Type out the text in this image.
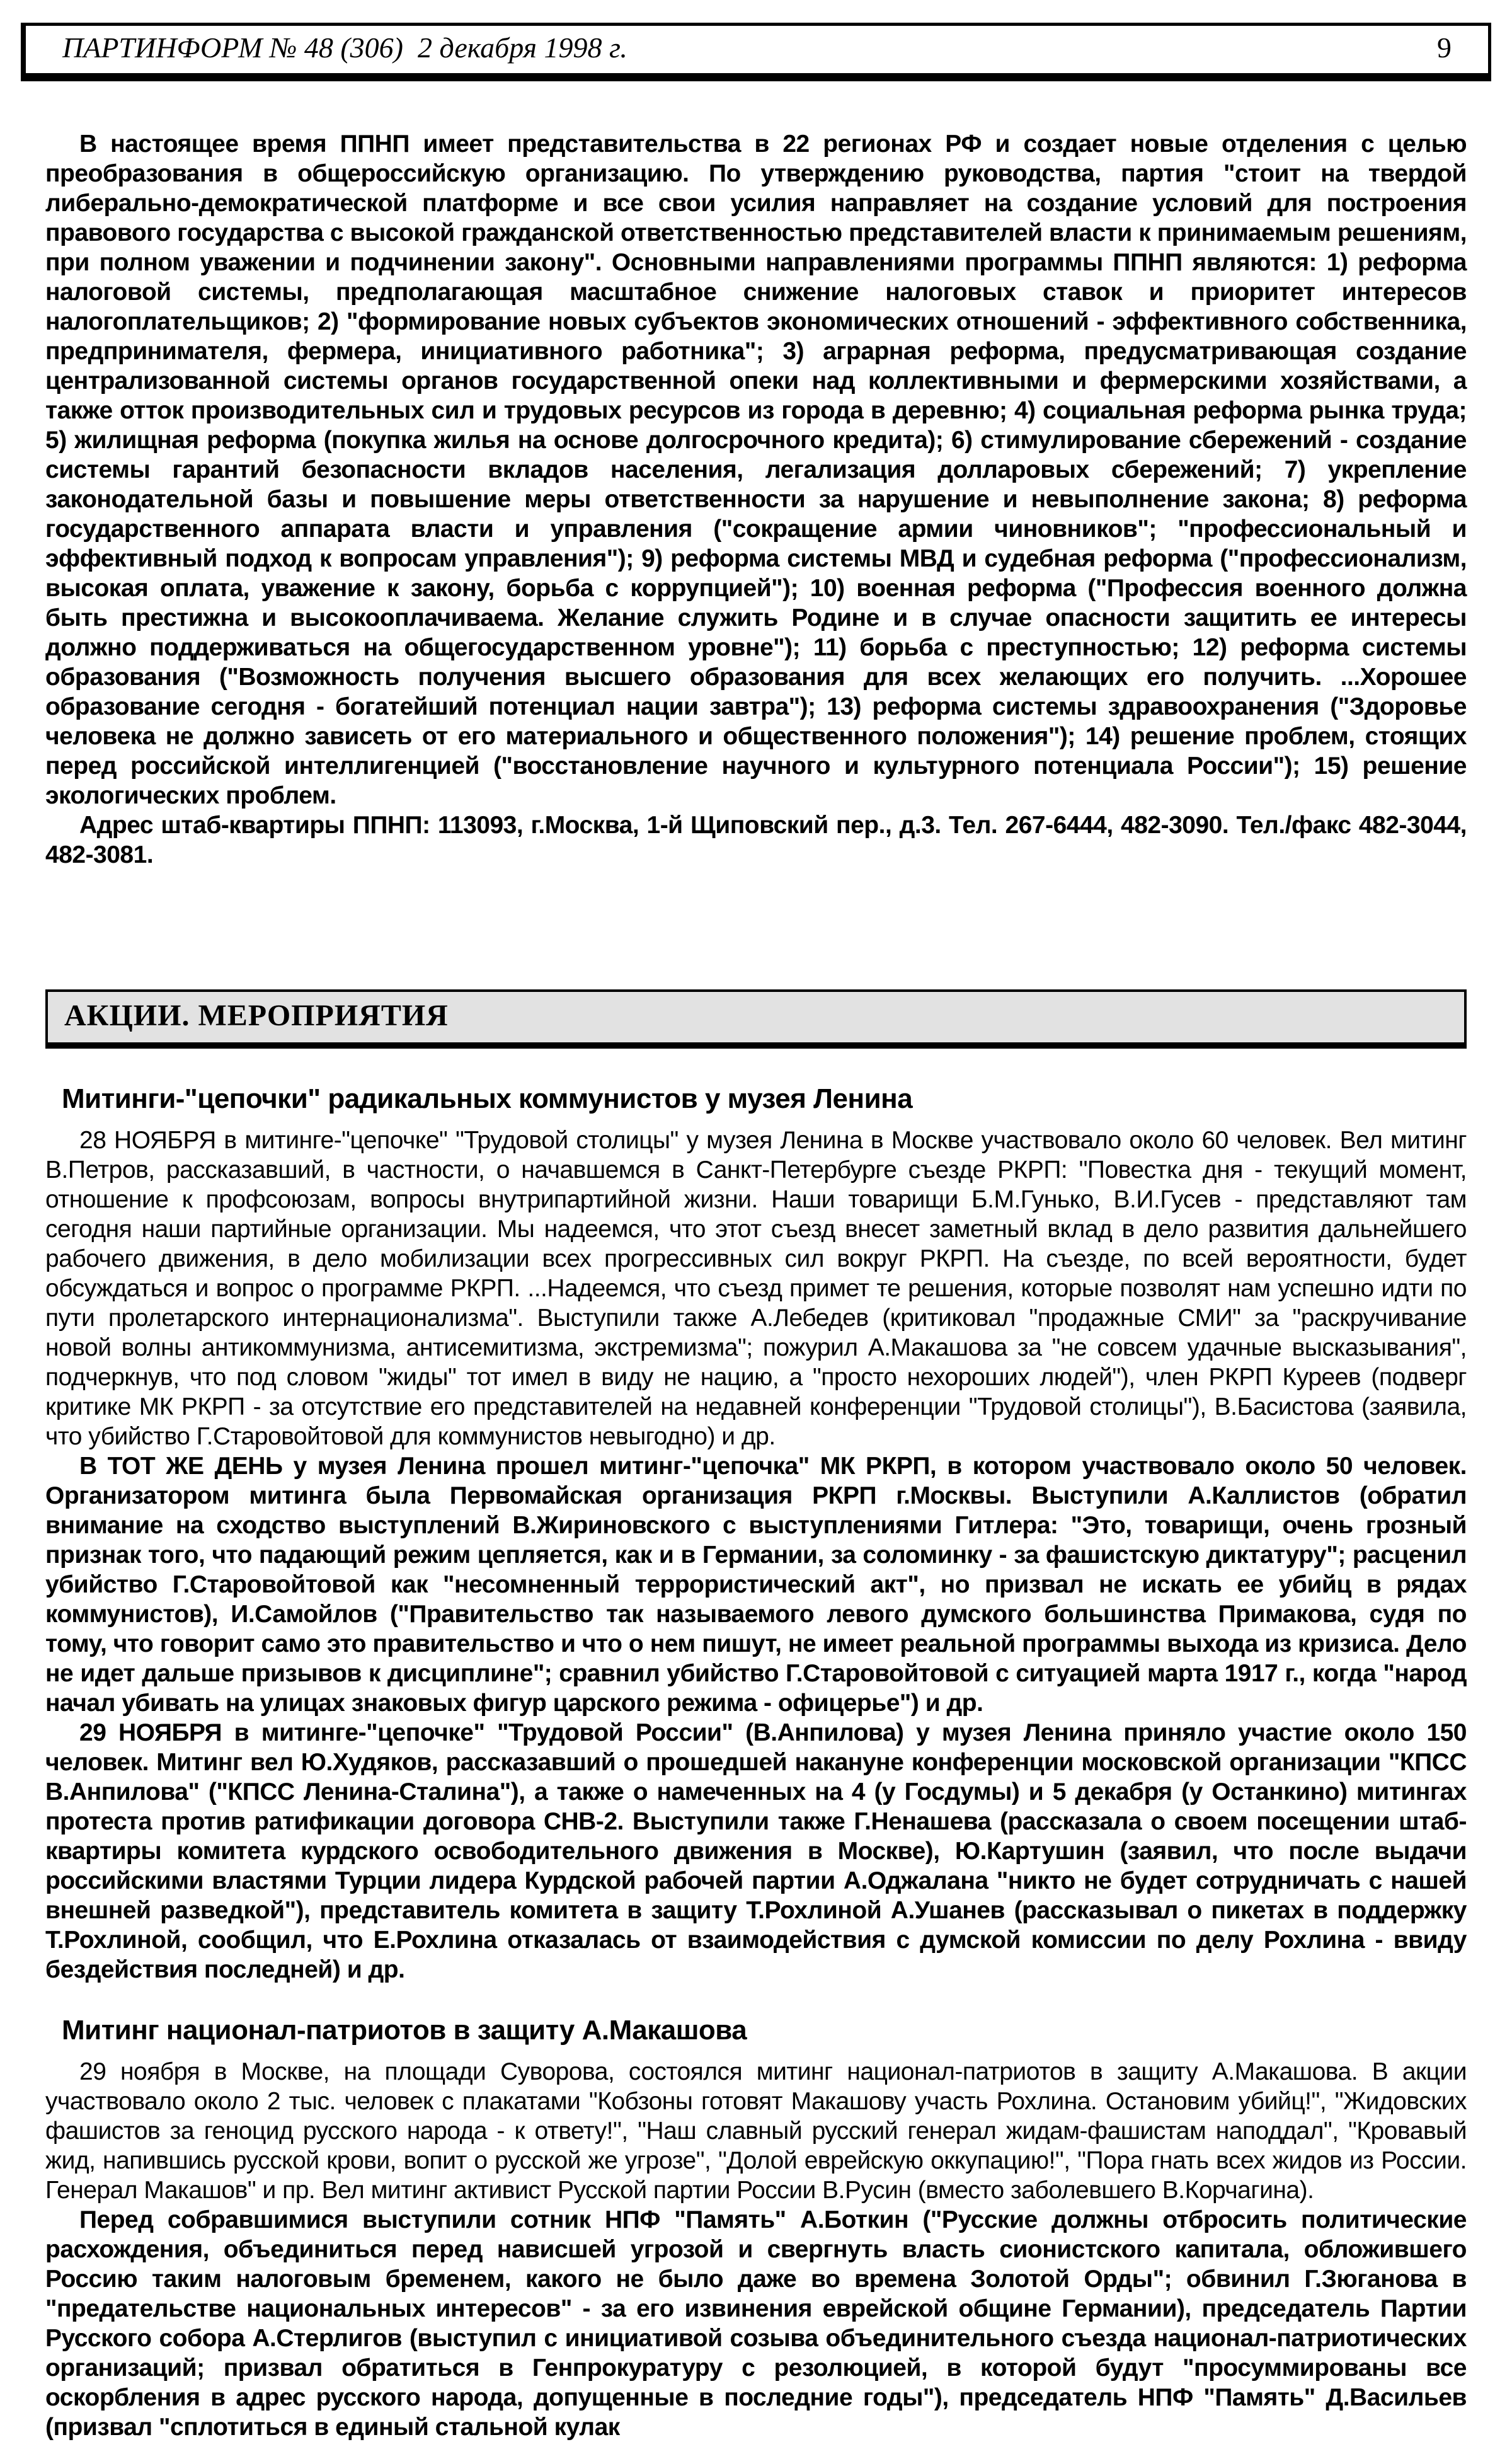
ПАРТИНФОРМ № 48 (306)  2 декабря 1998 г.	9

В настоящее время ППНП имеет представительства в 22 регионах РФ и создает новые отделения с целью преобразования в общероссийскую организацию. По утверждению руководства, партия "стоит на твердой либерально-демократической платформе и все свои усилия направляет на создание условий для построения правового государства с высокой гражданской ответственностью представителей власти к принимаемым решениям, при полном уважении и подчинении закону". Основными направлениями программы ППНП являются: 1) реформа налоговой системы, предполагающая масштабное снижение налоговых ставок и приоритет интересов налогоплательщиков; 2) "формирование новых субъектов экономических отношений - эффективного собственника, предпринимателя, фермера, инициативного работника"; 3) аграрная реформа, предусматривающая создание централизованной системы органов государственной опеки над коллективными и фермерскими хозяйствами, а также отток производительных сил и трудовых ресурсов из города в деревню; 4) социальная реформа рынка труда; 5) жилищная реформа (покупка жилья на основе долгосрочного кредита); 6) стимулирование сбережений - создание системы гарантий безопасности вкладов населения, легализация долларовых сбережений; 7) укрепление законодательной базы и повышение меры ответственности за нарушение и невыполнение закона; 8) реформа государственного аппарата власти и управления ("сокращение армии чиновников"; "профессиональный и эффективный подход к вопросам управления"); 9) реформа системы МВД и судебная реформа ("профессионализм, высокая оплата, уважение к закону, борьба с коррупцией"); 10) военная реформа ("Профессия военного должна быть престижна и высокооплачиваема. Желание служить Родине и в случае опасности защитить ее интересы должно поддерживаться на общегосударственном уровне"); 11) борьба с преступностью; 12) реформа системы образования ("Возможность получения высшего образования для всех желающих его получить. ...Хорошее образование сегодня - богатейший потенциал нации завтра"); 13) реформа системы здравоохранения ("Здоровье человека не должно зависеть от его материального и общественного положения"); 14) решение проблем, стоящих перед российской интеллигенцией ("восстановление научного и культурного потенциала России"); 15) решение экологических проблем.

Адрес штаб-квартиры ППНП: 113093, г.Москва, 1-й Щиповский пер., д.3. Тел. 267-6444, 482-3090. Тел./факс 482-3044, 482-3081.

АКЦИИ. МЕРОПРИЯТИЯ
Митинги-"цепочки" радикальных коммунистов у музея Ленина

28 НОЯБРЯ в митинге-"цепочке" "Трудовой столицы" у музея Ленина в Москве участвовало около 60 человек. Вел митинг В.Петров, рассказавший, в частности, о начавшемся в Санкт-Петербурге съезде РКРП: "Повестка дня - текущий момент, отношение к профсоюзам, вопросы внутрипартийной жизни. Наши товарищи Б.М.Гунько, В.И.Гусев - представляют там сегодня наши партийные организации. Мы надеемся, что этот съезд внесет заметный вклад в дело развития дальнейшего рабочего движения, в дело мобилизации всех прогрессивных сил вокруг РКРП. На съезде, по всей вероятности, будет обсуждаться и вопрос о программе РКРП. ...Надеемся, что съезд примет те решения, которые позволят нам успешно идти по пути пролетарского интернационализма". Выступили также А.Лебедев (критиковал "продажные СМИ" за "раскручивание новой волны антикоммунизма, антисемитизма, экстремизма"; пожурил А.Макашова за "не совсем удачные высказывания", подчеркнув, что под словом "жиды" тот имел в виду не нацию, а "просто нехороших людей"), член РКРП Куреев (подверг критике МК РКРП - за отсутствие его представителей на недавней конференции "Трудовой столицы"), В.Басистова (заявила, что убийство Г.Старовойтовой для коммунистов невыгодно) и др.

В ТОТ ЖЕ ДЕНЬ у музея Ленина прошел митинг-"цепочка" МК РКРП, в котором участвовало около 50 человек. Организатором митинга была Первомайская организация РКРП г.Москвы. Выступили А.Каллистов (обратил внимание на сходство выступлений В.Жириновского с выступлениями Гитлера: "Это, товарищи, очень грозный признак того, что падающий режим цепляется, как и в Германии, за соломинку - за фашистскую диктатуру"; расценил убийство Г.Старовойтовой как "несомненный террористический акт", но призвал не искать ее убийц в рядах коммунистов), И.Самойлов ("Правительство так называемого левого думского большинства Примакова, судя по тому, что говорит само это правительство и что о нем пишут, не имеет реальной программы выхода из кризиса. Дело не идет дальше призывов к дисциплине"; сравнил убийство Г.Старовойтовой с ситуацией марта 1917 г., когда "народ начал убивать на улицах знаковых фигур царского режима - офицерье") и др.

29 НОЯБРЯ в митинге-"цепочке" "Трудовой России" (В.Анпилова) у музея Ленина приняло участие около 150 человек. Митинг вел Ю.Худяков, рассказавший о прошедшей накануне конференции московской организации "КПСС В.Анпилова" ("КПСС Ленина-Сталина"), а также о намеченных на 4 (у Госдумы) и 5 декабря (у Останкино) митингах протеста против ратификации договора СНВ-2. Выступили также Г.Ненашева (рассказала о своем посещении штаб-квартиры комитета курдского освободительного движения в Москве), Ю.Картушин (заявил, что после выдачи российскими властями Турции лидера Курдской рабочей партии А.Оджалана "никто не будет сотрудничать с нашей внешней разведкой"), представитель комитета в защиту Т.Рохлиной А.Ушанев (рассказывал о пикетах в поддержку Т.Рохлиной, сообщил, что Е.Рохлина отказалась от взаимодействия с думской комиссии по делу Рохлина - ввиду бездействия последней) и др.

Митинг национал-патриотов в защиту А.Макашова

29 ноября в Москве, на площади Суворова, состоялся митинг национал-патриотов в защиту А.Макашова. В акции участвовало около 2 тыс. человек с плакатами "Кобзоны готовят Макашову участь Рохлина. Остановим убийц!", "Жидовских фашистов за геноцид русского народа - к ответу!", "Наш славный русский генерал жидам-фашистам наподдал", "Кровавый жид, напившись русской крови, вопит о русской же угрозе", "Долой еврейскую оккупацию!", "Пора гнать всех жидов из России. Генерал Макашов" и пр. Вел митинг активист Русской партии России В.Русин (вместо заболевшего В.Корчагина).

Перед собравшимися выступили сотник НПФ "Память" А.Боткин ("Русские должны отбросить политические расхождения, объединиться перед нависшей угрозой и свергнуть власть сионистского капитала, обложившего Россию таким налоговым бременем, какого не было даже во времена Золотой Орды"; обвинил Г.Зюганова в "предательстве национальных интересов" - за его извинения еврейской общине Германии), председатель Партии Русского собора А.Стерлигов (выступил с инициативой созыва объединительного съезда национал-патриотических организаций; призвал обратиться в Генпрокуратуру с резолюцией, в которой будут "просуммированы все оскорбления в адрес русского народа, допущенные в последние годы"), председатель НПФ "Память" Д.Васильев (призвал "сплотиться в единый стальной кулак
